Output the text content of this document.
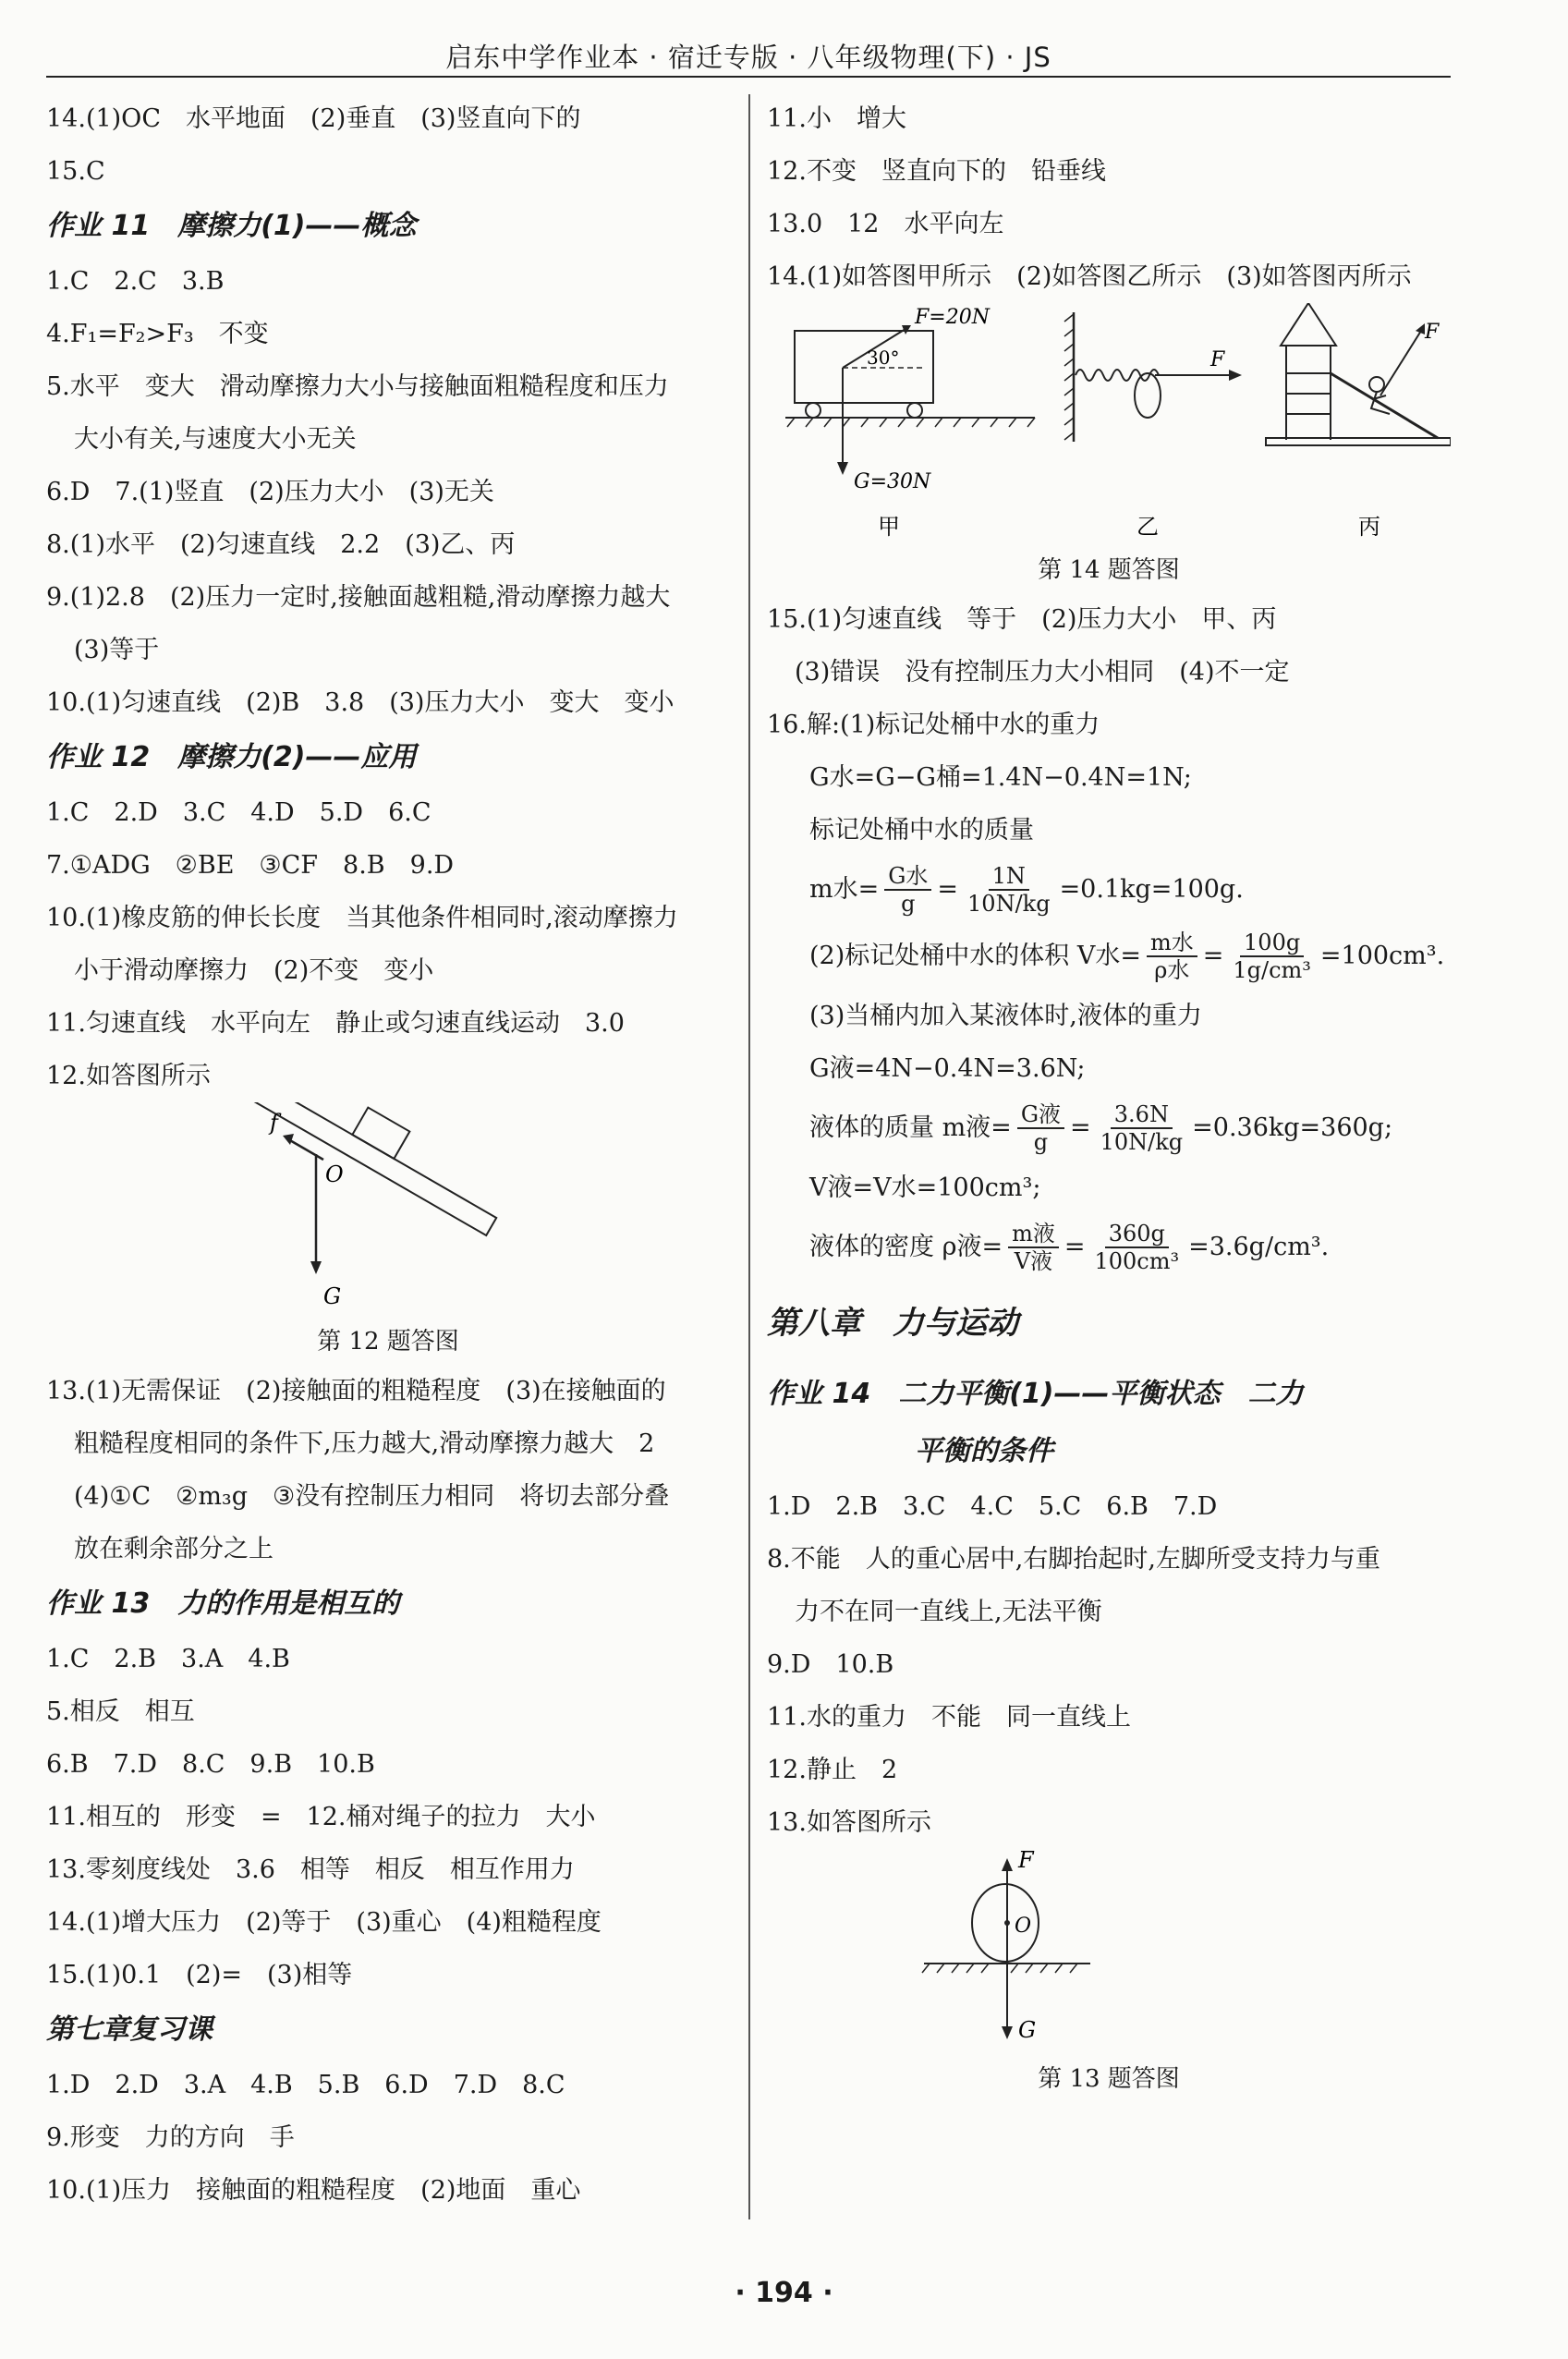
启东中学作业本 · 宿迁专版 · 八年级物理(下) · JS
14.(1)OC　水平地面　(2)垂直　(3)竖直向下的
15.C
作业 11　摩擦力(1)——概念
1.C　2.C　3.B
4.F₁=F₂>F₃　不变
5.水平　变大　滑动摩擦力大小与接触面粗糙程度和压力
大小有关,与速度大小无关
6.D　7.(1)竖直　(2)压力大小　(3)无关
8.(1)水平　(2)匀速直线　2.2　(3)乙、丙
9.(1)2.8　(2)压力一定时,接触面越粗糙,滑动摩擦力越大
(3)等于
10.(1)匀速直线　(2)B　3.8　(3)压力大小　变大　变小
作业 12　摩擦力(2)——应用
1.C　2.D　3.C　4.D　5.D　6.C
7.①ADG　②BE　③CF　8.B　9.D
10.(1)橡皮筋的伸长长度　当其他条件相同时,滚动摩擦力
小于滑动摩擦力　(2)不变　变小
11.匀速直线　水平向左　静止或匀速直线运动　3.0
12.如答图所示
f
O
G
第 12 题答图
13.(1)无需保证　(2)接触面的粗糙程度　(3)在接触面的
粗糙程度相同的条件下,压力越大,滑动摩擦力越大　2
(4)①C　②m₃g　③没有控制压力相同　将切去部分叠
放在剩余部分之上
作业 13　力的作用是相互的
1.C　2.B　3.A　4.B
5.相反　相互
6.B　7.D　8.C　9.B　10.B
11.相互的　形变　=　12.桶对绳子的拉力　大小
13.零刻度线处　3.6　相等　相反　相互作用力
14.(1)增大压力　(2)等于　(3)重心　(4)粗糙程度
15.(1)0.1　(2)=　(3)相等
第七章复习课
1.D　2.D　3.A　4.B　5.B　6.D　7.D　8.C
9.形变　力的方向　手
10.(1)压力　接触面的粗糙程度　(2)地面　重心
11.小　增大
12.不变　竖直向下的　铅垂线
13.0　12　水平向左
14.(1)如答图甲所示　(2)如答图乙所示　(3)如答图丙所示
F=20N
30°
G=30N
甲
F
乙
F
丙
第 14 题答图
15.(1)匀速直线　等于　(2)压力大小　甲、丙
(3)错误　没有控制压力大小相同　(4)不一定
16.解:(1)标记处桶中水的重力
G水=G−G桶=1.4N−0.4N=1N;
标记处桶中水的质量
m水= $\frac{\text{G水}}{g} = \frac{1N}{10N/kg} =0.1kg=100g$.
(2)标记处桶中水的体积 V水= $\frac{\text{m水}}{\text{ρ水}} = \frac{100g}{\text{1g/cm³}} =100cm^3$.
(3)当桶内加入某液体时,液体的重力
G液=4N−0.4N=3.6N;
液体的质量 m液= $\frac{\text{G液}}{g} = \frac{3.6N}{10N/kg} =0.36kg=360g$;
V液=V水=100cm³;
液体的密度 ρ液= $\frac{\text{m液}}{\text{V液}} = \frac{360g}{\text{100cm³}} =3.6g/cm^3$.
第八章　力与运动
作业 14　二力平衡(1)——平衡状态　二力
平衡的条件
1.D　2.B　3.C　4.C　5.C　6.B　7.D
8.不能　人的重心居中,右脚抬起时,左脚所受支持力与重
力不在同一直线上,无法平衡
9.D　10.B
11.水的重力　不能　同一直线上
12.静止　2
13.如答图所示
F
O
G
第 13 题答图
· 194 ·
